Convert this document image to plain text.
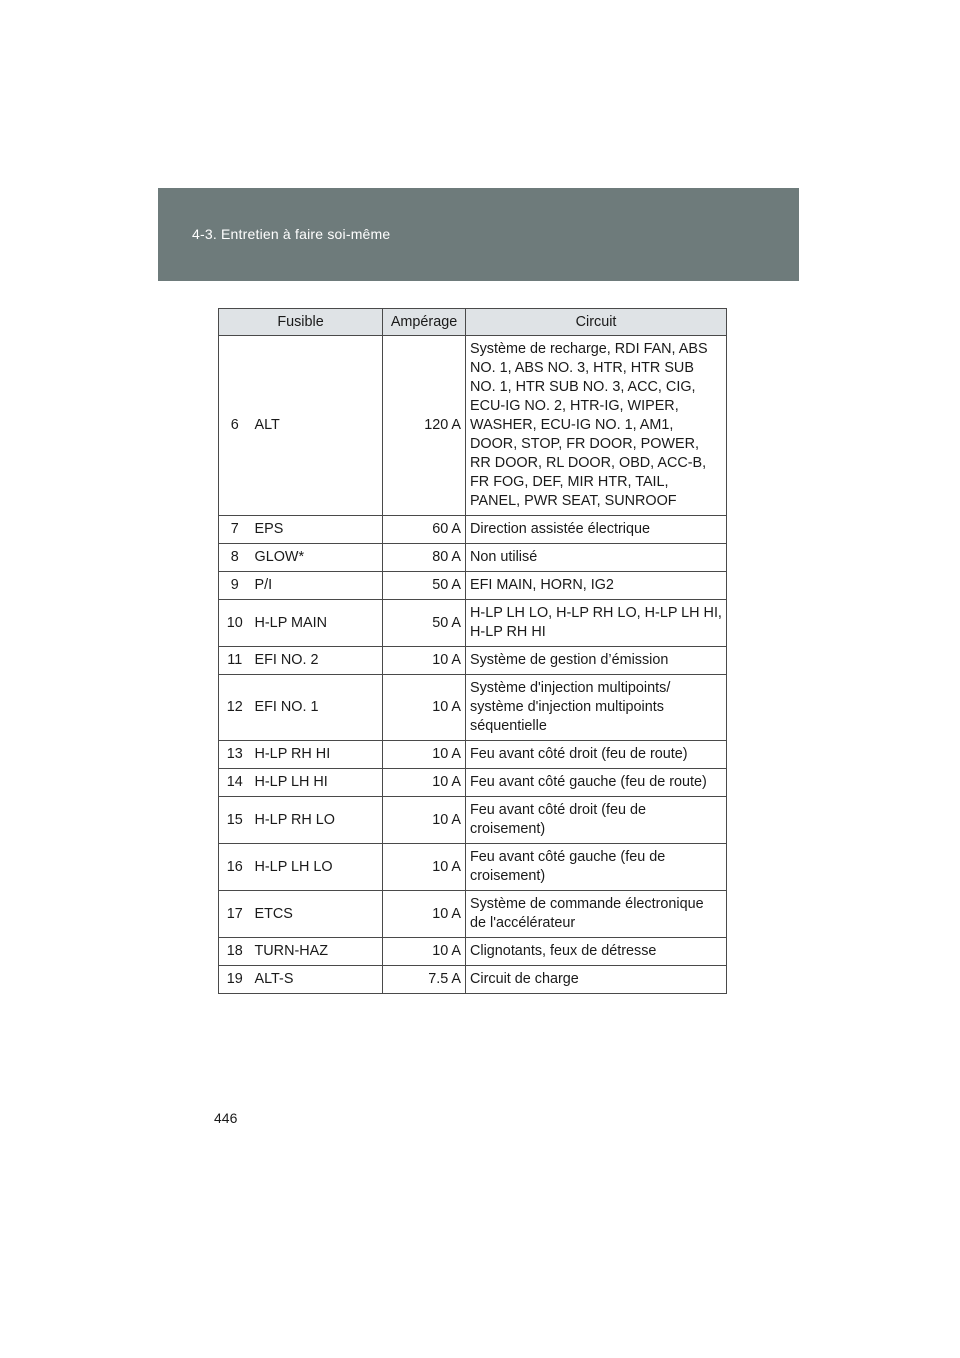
4-3. Entretien à faire soi-même
Fusible		Ampérage	Circuit
6	ALT	120 A	Système de recharge, RDI FAN, ABS NO. 1, ABS NO. 3, HTR, HTR SUB NO. 1, HTR SUB NO. 3, ACC, CIG, ECU-IG NO. 2, HTR-IG, WIPER, WASHER, ECU-IG NO. 1, AM1, DOOR, STOP, FR DOOR, POWER, RR DOOR, RL DOOR, OBD, ACC-B, FR FOG, DEF, MIR HTR, TAIL, PANEL, PWR SEAT, SUNROOF
7	EPS	60 A	Direction assistée électrique
8	GLOW*	80 A	Non utilisé
9	P/I	50 A	EFI MAIN, HORN, IG2
10	H-LP MAIN	50 A	H-LP LH LO, H-LP RH LO, H-LP LH HI, H-LP RH HI
11	EFI NO. 2	10 A	Système de gestion d’émission
12	EFI NO. 1	10 A	Système d'injection multipoints/ système d'injection multipoints séquentielle
13	H-LP RH HI	10 A	Feu avant côté droit (feu de route)
14	H-LP LH HI	10 A	Feu avant côté gauche (feu de route)
15	H-LP RH LO	10 A	Feu avant côté droit (feu de croisement)
16	H-LP LH LO	10 A	Feu avant côté gauche (feu de croisement)
17	ETCS	10 A	Système de commande électronique de l'accélérateur
18	TURN-HAZ	10 A	Clignotants, feux de détresse
19	ALT-S	7.5 A	Circuit de charge
446
